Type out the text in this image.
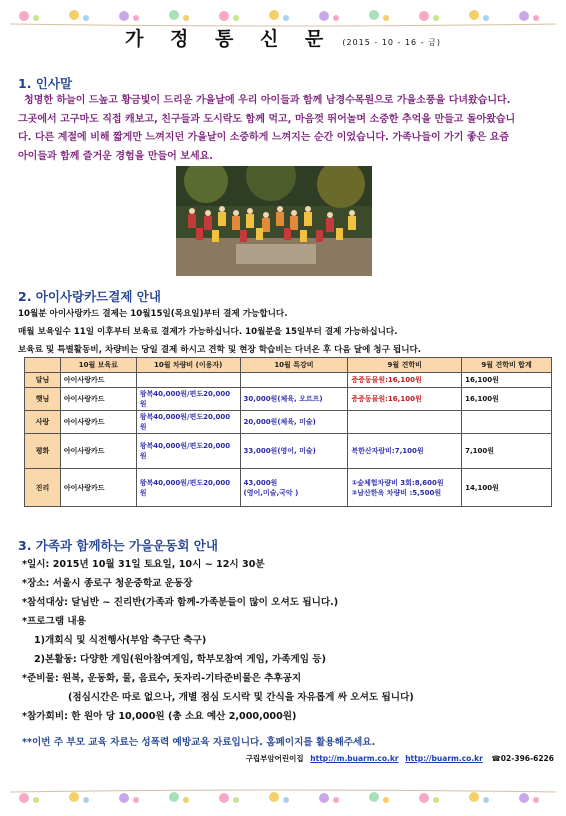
가 정 통 신 문 (2015 - 10 - 16 - 금)
1. 인사말
청명한 하늘이 드높고 황금빛이 드리운 가을날에 우리 아이들과 함께 남경수목원으로 가을소풍을 다녀왔습니다.
그곳에서 고구마도 직접 캐보고, 친구들과 도시락도 함께 먹고, 마음껏 뛰어놀며 소중한 추억을 만들고 돌아왔습니
다. 다른 계절에 비해 짧게만 느껴지던 가을날이 소중하게 느껴지는 순간 이었습니다. 가족나들이 가기 좋은 요즘
아이들과 함께 즐거운 경험을 만들어 보세요.
2. 아이사랑카드결제 안내
10월분 아이사랑카드 결제는 10월15일(목요일)부터 결제 가능합니다.
매월 보육일수 11일 이후부터 보육료 결제가 가능하십니다. 10월분을 15일부터 결제 가능하십니다.
보육료 및 특별활동비, 차량비는 당일 결제 하시고 견학 및 현장 학습비는 다녀온 후 다음 달에 청구 됩니다.
	10월 보육료	10월 차량비 (이용자)	10월 특강비	9월 견학비	9월 견학비 합계
달님	아이사랑카드			증증동물원:16,100원	16,100원
햇님	아이사랑카드	왕복40,000원/편도20,000원	30,000원(체육, 오르프)	증증동물원:16,100원	16,100원
사랑	아이사랑카드	왕복40,000원/편도20,000원	20,000원(체육, 미술)		
평화	아이사랑카드	왕복40,000원/편도20,000원	33,000원(영어, 미술)	북한산자람비:7,100원	7,100원
진리	아이사랑카드	왕복40,000원/편도20,000원	43,000원
(영어,미술,국악 )	①숲체험차량비 3회:8,600원
②남산한옥 차량비 :5,500원	14,100원
3. 가족과 함께하는 가을운동회 안내
*일시: 2015년 10월 31일 토요일, 10시 ~ 12시 30분
*장소: 서울시 종로구 청운중학교 운동장
*참석대상: 달님반 ~ 진리반(가족과 함께-가족분들이 많이 오셔도 됩니다.)
*프로그램 내용
1)개회식 및 식전행사(부암 축구단 축구)
2)본활동: 다양한 게임(원아참여게임, 학부모참여 게임, 가족게임 등)
*준비물: 원복, 운동화, 물, 음료수, 돗자리-기타준비물은 추후공지
(점심시간은 따로 없으나, 개별 점심 도시락 및 간식을 자유롭게 싸 오셔도 됩니다)
*참가회비: 한 원아 당 10,000원 (총 소요 예산 2,000,000원)
**이번 주 부모 교육 자료는 성폭력 예방교육 자료입니다. 홈페이지를 활용해주세요.
구립부암어린이집 http://m.buarm.co.kr http://buarm.co.kr ☎02-396-6226
